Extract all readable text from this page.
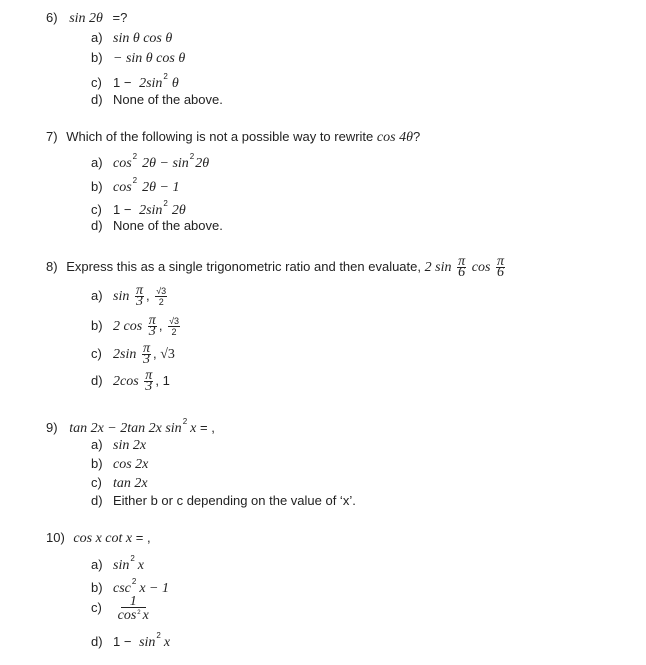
6) sin 2θ =?
a) sin θ cos θ
b) − sin θ cos θ
c) $1 - 2\sin^2$ θ
d) None of the above.
7) Which of the following is not a possible way to rewrite cos 4θ?
a) $\cos^2 2\theta - \sin^22\theta$
b) $\cos^2 2\theta - 1$
c) $1 - 2\sin^2$ 2θ
d) None of the above.
8) Express this as a single trigonometric ratio and then evaluate, 2 $\sin \frac{\pi}{6}$ $\cos \frac{\pi}{6}$
a) $\sin \frac{\pi}{3}$ , $\frac{√3}{2}$
b) 2 $\cos \frac{\pi}{3}$ , $\frac{√3}{2}$
c) $2\sin \frac{\pi}{3}$ , √3
d) $2\cos \frac{\pi}{3}$ , 1
9) tan 2x − 2tan 2x $\sin^2 x$ = ,
a) sin 2x
b) cos 2x
c) tan 2x
d) Either b or c depending on the value of ‘x’.
10) cos x cot x = ,
a) $\sin^2 x$
b) $\csc^2 x - 1$
$c) \frac{1}{\cos^2 x}$
d) $1 - \sin^2 x$
